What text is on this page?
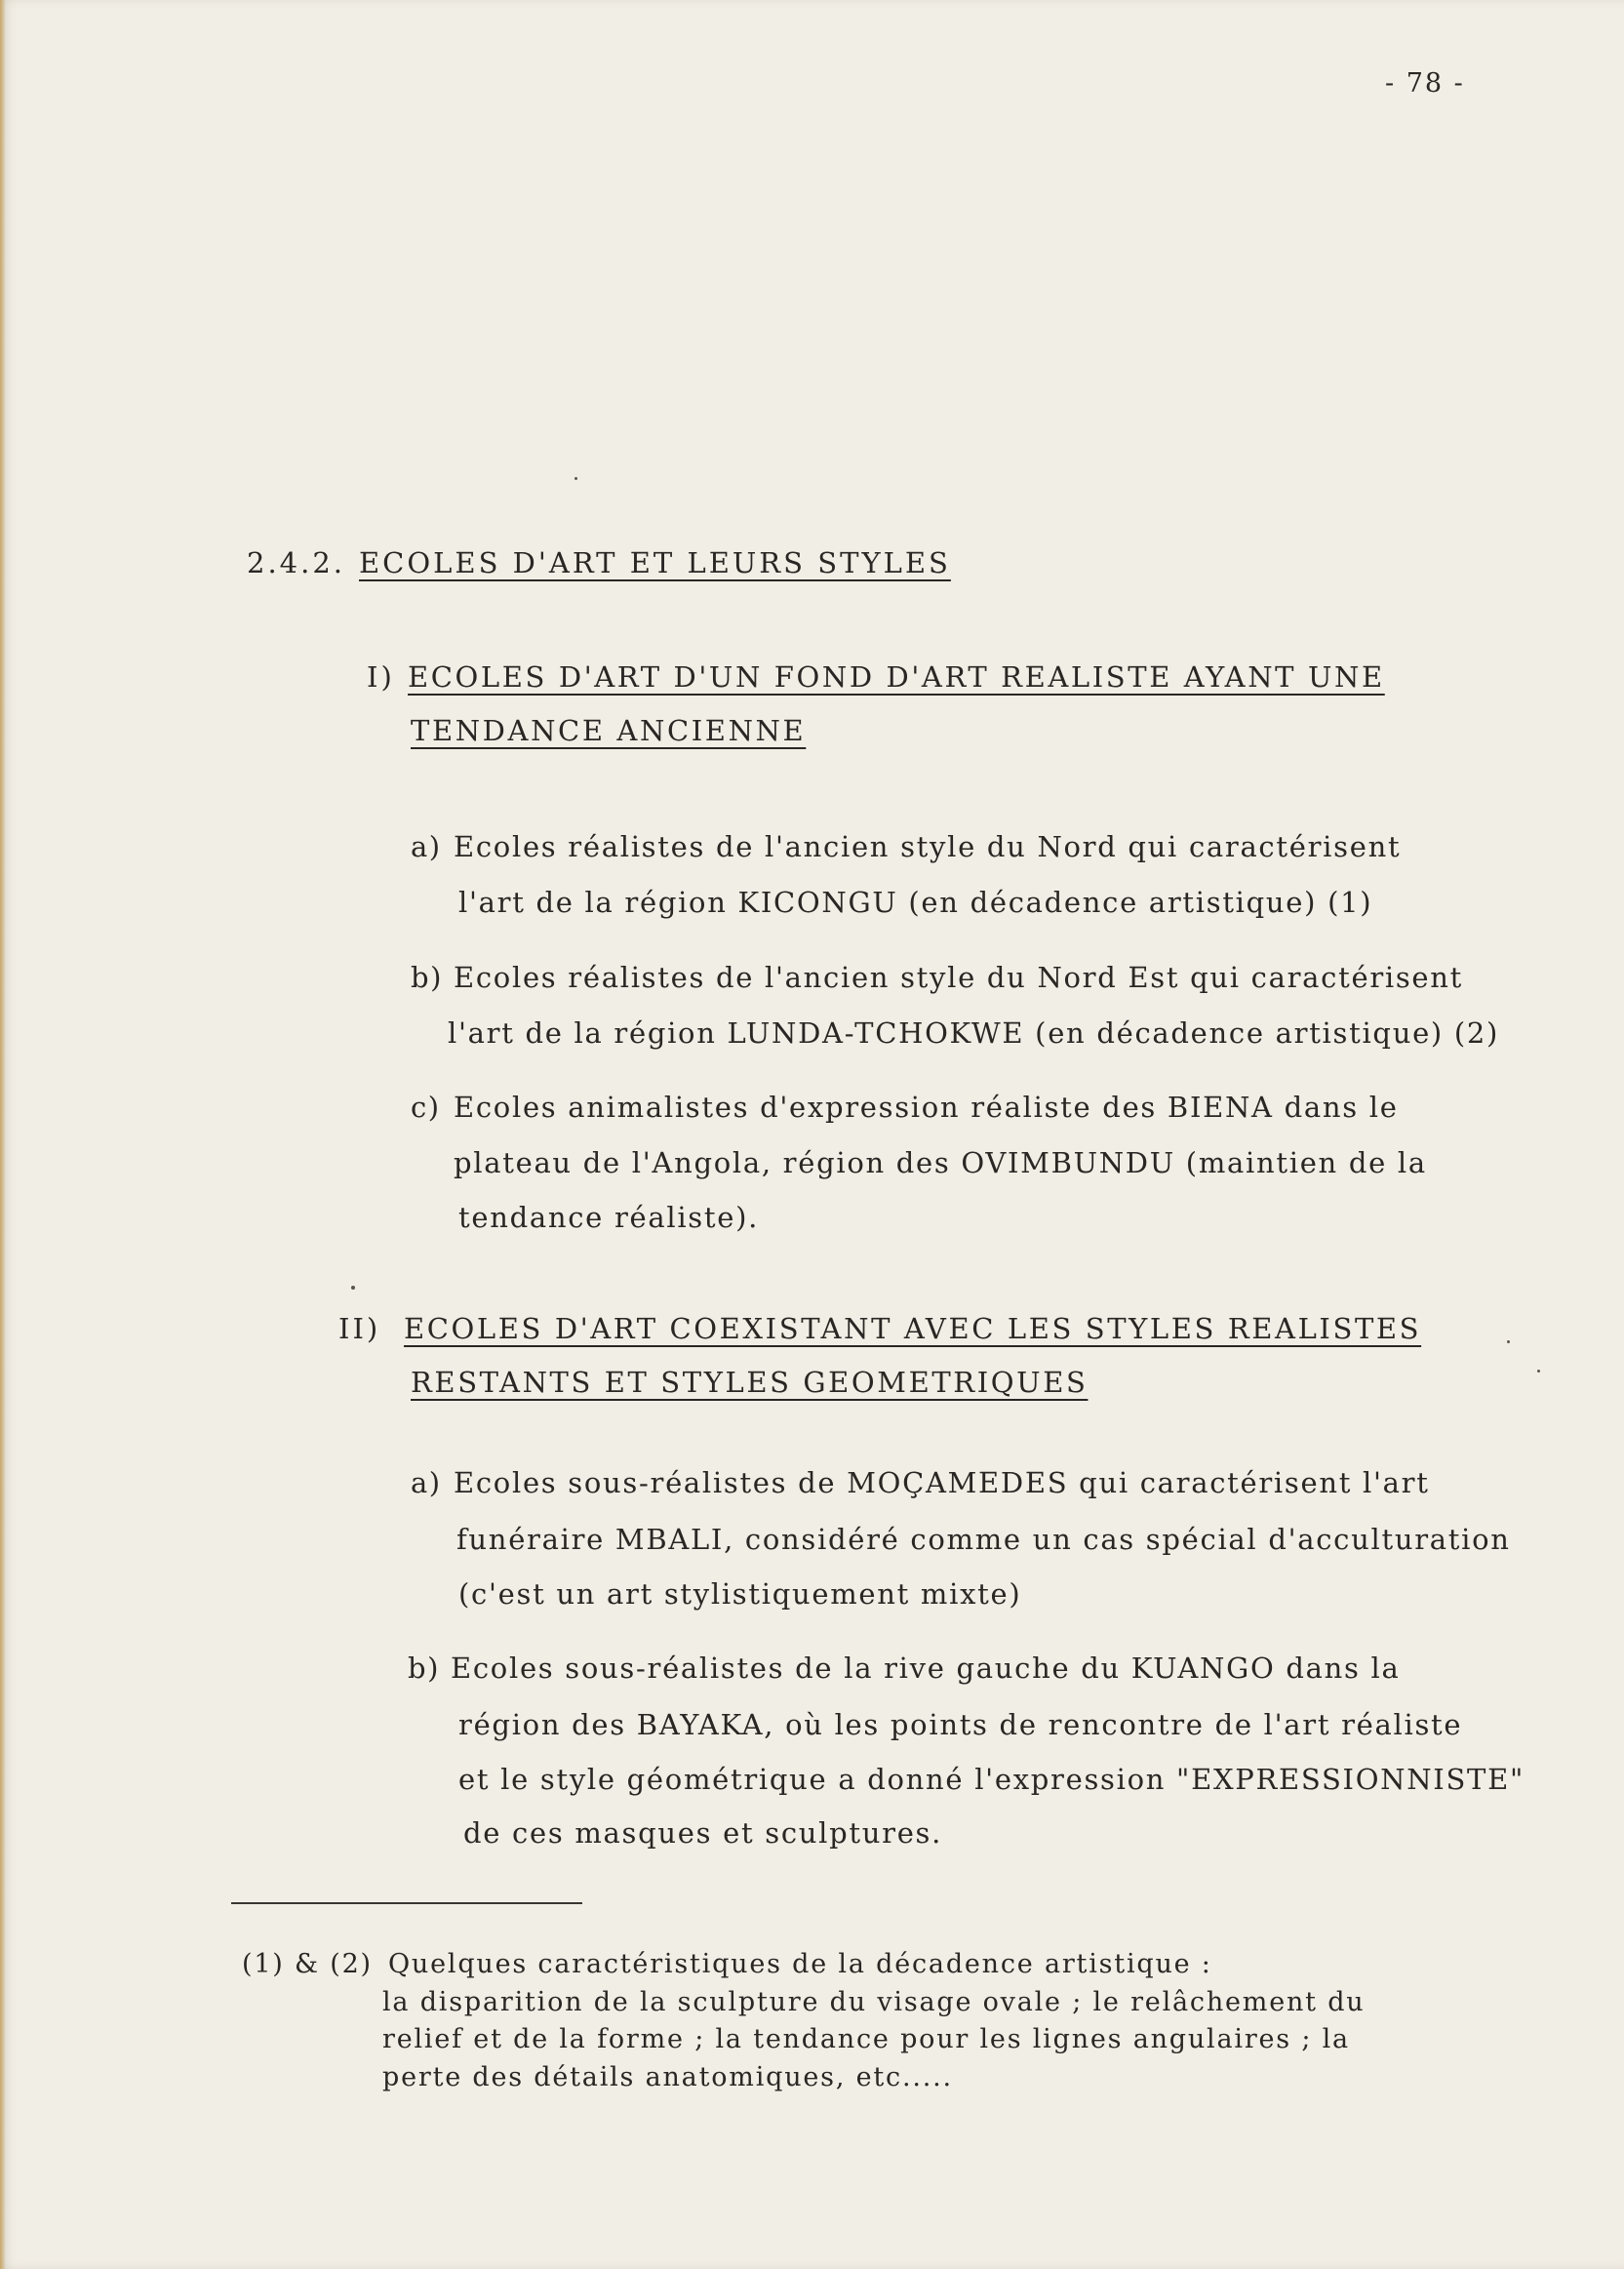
- 78 -
2.4.2. ECOLES D'ART ET LEURS STYLES
I) ECOLES D'ART D'UN FOND D'ART REALISTE AYANT UNE
TENDANCE ANCIENNE
a) Ecoles réalistes de l'ancien style du Nord qui caractérisent
l'art de la région KICONGU (en décadence artistique) (1)
b) Ecoles réalistes de l'ancien style du Nord Est qui caractérisent
l'art de la région LUNDA-TCHOKWE (en décadence artistique) (2)
c) Ecoles animalistes d'expression réaliste des BIENA dans le
plateau de l'Angola, région des OVIMBUNDU (maintien de la
tendance réaliste).
II) ECOLES D'ART COEXISTANT AVEC LES STYLES REALISTES
RESTANTS ET STYLES GEOMETRIQUES
a) Ecoles sous-réalistes de MOÇAMEDES qui caractérisent l'art
funéraire MBALI, considéré comme un cas spécial d'acculturation
(c'est un art stylistiquement mixte)
b) Ecoles sous-réalistes de la rive gauche du KUANGO dans la
région des BAYAKA, où les points de rencontre de l'art réaliste
et le style géométrique a donné l'expression "EXPRESSIONNISTE"
de ces masques et sculptures.
(1) & (2) Quelques caractéristiques de la décadence artistique :
la disparition de la sculpture du visage ovale ; le relâchement du
relief et de la forme ; la tendance pour les lignes angulaires ; la
perte des détails anatomiques, etc.....
